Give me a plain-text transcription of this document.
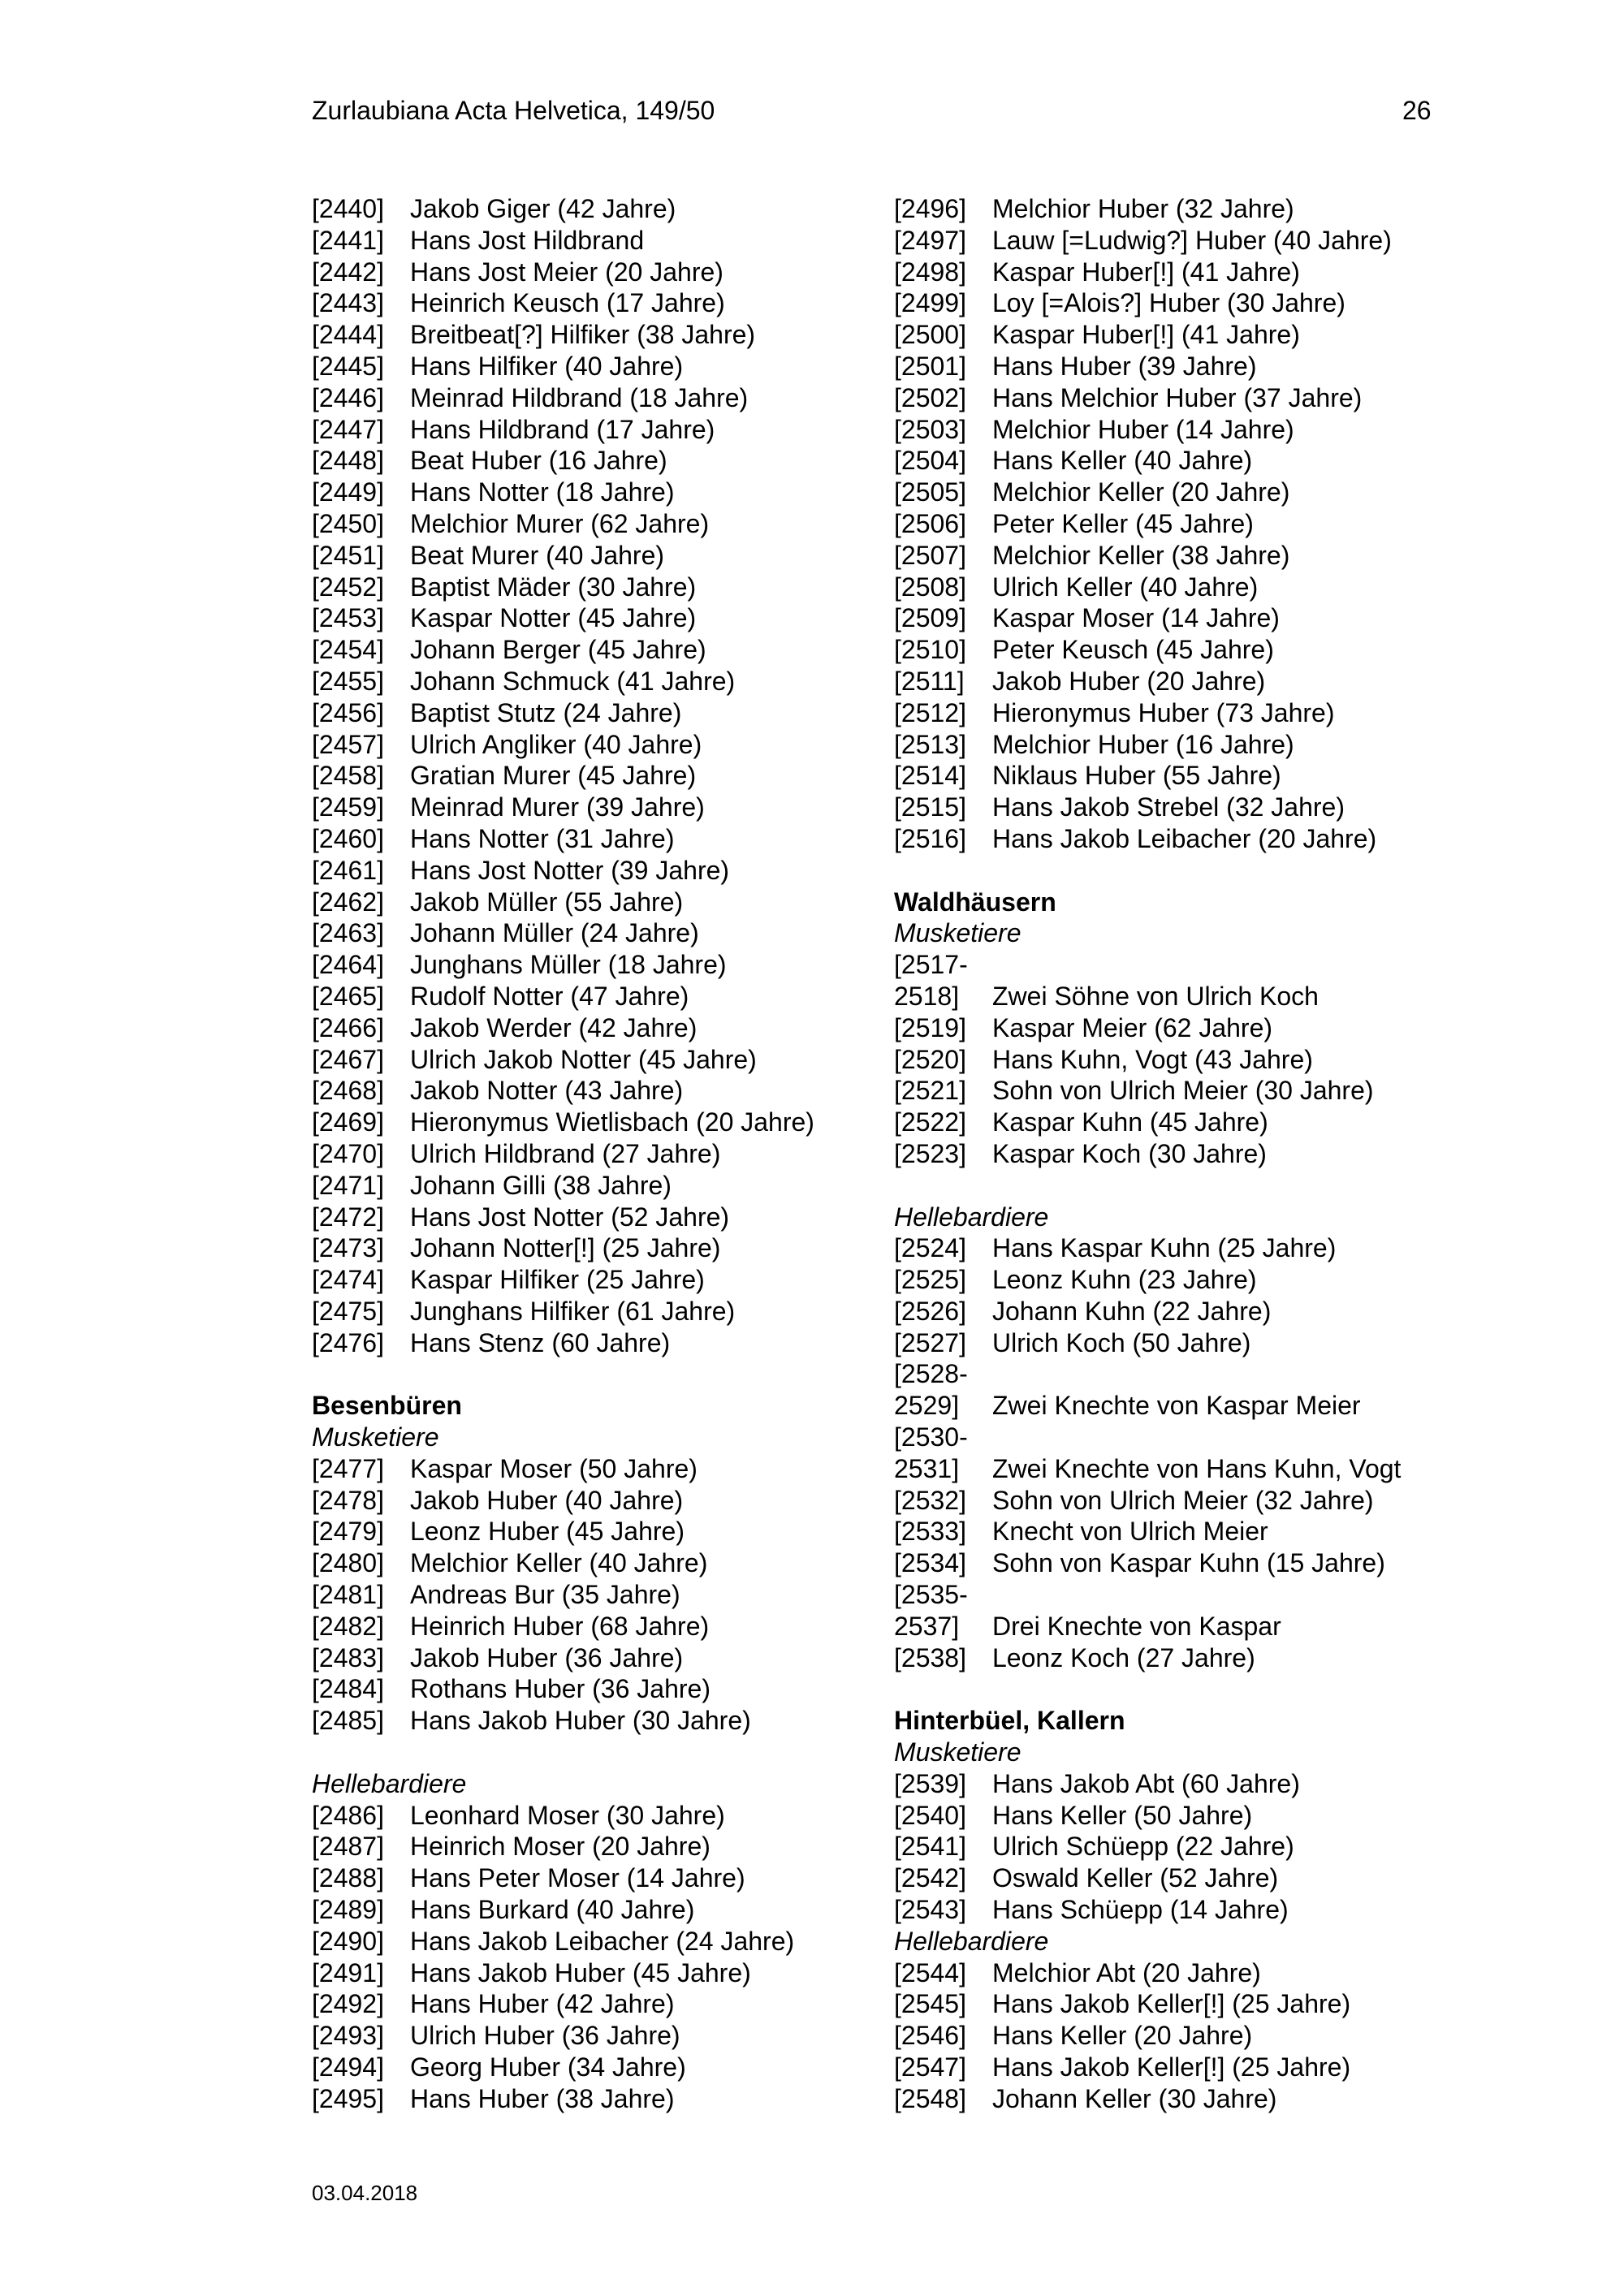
Zurlaubiana Acta Helvetica, 149/50	26
[2440]	Jakob Giger (42 Jahre)
[2441]	Hans Jost Hildbrand
[2442]	Hans Jost Meier (20 Jahre)
[2443]	Heinrich Keusch (17 Jahre)
[2444]	Breitbeat[?] Hilfiker (38 Jahre)
[2445]	Hans Hilfiker (40 Jahre)
[2446]	Meinrad Hildbrand (18 Jahre)
[2447]	Hans Hildbrand (17 Jahre)
[2448]	Beat Huber (16 Jahre)
[2449]	Hans Notter (18 Jahre)
[2450]	Melchior Murer (62 Jahre)
[2451]	Beat Murer (40 Jahre)
[2452]	Baptist Mäder (30 Jahre)
[2453]	Kaspar Notter (45 Jahre)
[2454]	Johann Berger (45 Jahre)
[2455]	Johann Schmuck (41 Jahre)
[2456]	Baptist Stutz (24 Jahre)
[2457]	Ulrich Angliker (40 Jahre)
[2458]	Gratian Murer (45 Jahre)
[2459]	Meinrad Murer (39 Jahre)
[2460]	Hans Notter (31 Jahre)
[2461]	Hans Jost Notter (39 Jahre)
[2462]	Jakob Müller (55 Jahre)
[2463]	Johann Müller (24 Jahre)
[2464]	Junghans Müller (18 Jahre)
[2465]	Rudolf Notter (47 Jahre)
[2466]	Jakob Werder (42 Jahre)
[2467]	Ulrich Jakob Notter (45 Jahre)
[2468]	Jakob Notter (43 Jahre)
[2469]	Hieronymus Wietlisbach (20 Jahre)
[2470]	Ulrich Hildbrand (27 Jahre)
[2471]	Johann Gilli (38 Jahre)
[2472]	Hans Jost Notter (52 Jahre)
[2473]	Johann Notter[!] (25 Jahre)
[2474]	Kaspar Hilfiker (25 Jahre)
[2475]	Junghans Hilfiker (61 Jahre)
[2476]	Hans Stenz (60 Jahre)
Besenbüren
Musketiere
[2477]	Kaspar Moser (50 Jahre)
[2478]	Jakob Huber (40 Jahre)
[2479]	Leonz Huber (45 Jahre)
[2480]	Melchior Keller (40 Jahre)
[2481]	Andreas Bur (35 Jahre)
[2482]	Heinrich Huber (68 Jahre)
[2483]	Jakob Huber (36 Jahre)
[2484]	Rothans Huber (36 Jahre)
[2485]	Hans Jakob Huber (30 Jahre)
Hellebardiere
[2486]	Leonhard Moser (30 Jahre)
[2487]	Heinrich Moser (20 Jahre)
[2488]	Hans Peter Moser (14 Jahre)
[2489]	Hans Burkard (40 Jahre)
[2490]	Hans Jakob Leibacher (24 Jahre)
[2491]	Hans Jakob Huber (45 Jahre)
[2492]	Hans Huber (42 Jahre)
[2493]	Ulrich Huber (36 Jahre)
[2494]	Georg Huber (34 Jahre)
[2495]	Hans Huber (38 Jahre)
[2496]	Melchior Huber (32 Jahre)
[2497]	Lauw [=Ludwig?] Huber (40 Jahre)
[2498]	Kaspar Huber[!] (41 Jahre)
[2499]	Loy [=Alois?] Huber (30 Jahre)
[2500]	Kaspar Huber[!] (41 Jahre)
[2501]	Hans Huber (39 Jahre)
[2502]	Hans Melchior Huber (37 Jahre)
[2503]	Melchior Huber (14 Jahre)
[2504]	Hans Keller (40 Jahre)
[2505]	Melchior Keller (20 Jahre)
[2506]	Peter Keller (45 Jahre)
[2507]	Melchior Keller (38 Jahre)
[2508]	Ulrich Keller (40 Jahre)
[2509]	Kaspar Moser (14 Jahre)
[2510]	Peter Keusch (45 Jahre)
[2511]	Jakob Huber (20 Jahre)
[2512]	Hieronymus Huber (73 Jahre)
[2513]	Melchior Huber (16 Jahre)
[2514]	Niklaus Huber (55 Jahre)
[2515]	Hans Jakob Strebel (32 Jahre)
[2516]	Hans Jakob Leibacher (20 Jahre)
Waldhäusern
Musketiere
[2517-
2518]	Zwei Söhne von Ulrich Koch
[2519]	Kaspar Meier (62 Jahre)
[2520]	Hans Kuhn, Vogt (43 Jahre)
[2521]	Sohn von Ulrich Meier (30 Jahre)
[2522]	Kaspar Kuhn (45 Jahre)
[2523]	Kaspar Koch (30 Jahre)
Hellebardiere
[2524]	Hans Kaspar Kuhn (25 Jahre)
[2525]	Leonz Kuhn (23 Jahre)
[2526]	Johann Kuhn (22 Jahre)
[2527]	Ulrich Koch (50 Jahre)
[2528-
2529]	Zwei Knechte von Kaspar Meier
[2530-
2531]	Zwei Knechte von Hans Kuhn, Vogt
[2532]	Sohn von Ulrich Meier (32 Jahre)
[2533]	Knecht von Ulrich Meier
[2534]	Sohn von Kaspar Kuhn (15 Jahre)
[2535-
2537]	Drei Knechte von Kaspar
[2538]	Leonz Koch (27 Jahre)
Hinterbüel, Kallern
Musketiere
[2539]	Hans Jakob Abt (60 Jahre)
[2540]	Hans Keller (50 Jahre)
[2541]	Ulrich Schüepp (22 Jahre)
[2542]	Oswald Keller (52 Jahre)
[2543]	Hans Schüepp (14 Jahre)
Hellebardiere
[2544]	Melchior Abt (20 Jahre)
[2545]	Hans Jakob Keller[!] (25 Jahre)
[2546]	Hans Keller (20 Jahre)
[2547]	Hans Jakob Keller[!] (25 Jahre)
[2548]	Johann Keller (30 Jahre)
03.04.2018
